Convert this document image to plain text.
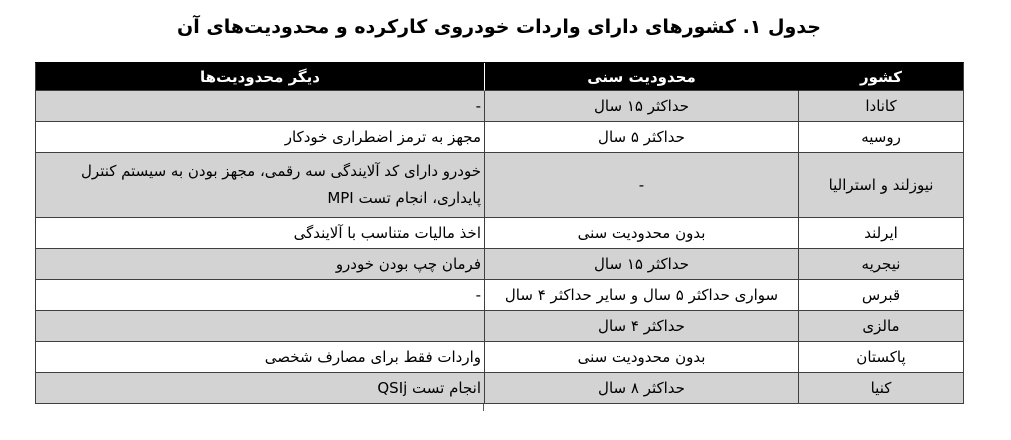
جدول ۱. کشورهای دارای واردات خودروی کارکرده و محدودیت‌های آن
کشور	محدودیت سنی	دیگر محدودیت‌ها
کانادا	حداکثر ۱۵ سال	-
روسیه	حداکثر ۵ سال	مجهز به ترمز اضطراری خودکار
نیوزلند و استرالیا	-	خودرو دارای کد آلایندگی سه رقمی، مجهز بودن به سیستم کنترل پایداری، انجام تست MPI
ایرلند	بدون محدودیت سنی	اخذ مالیات متناسب با آلایندگی
نیجریه	حداکثر ۱۵ سال	فرمان چپ بودن خودرو
قبرس	سواری حداکثر ۵ سال و سایر حداکثر ۴ سال	-
مالزی	حداکثر ۴ سال	
پاکستان	بدون محدودیت سنی	واردات فقط برای مصارف شخصی
کنیا	حداکثر ۸ سال	انجام تست QSIj
